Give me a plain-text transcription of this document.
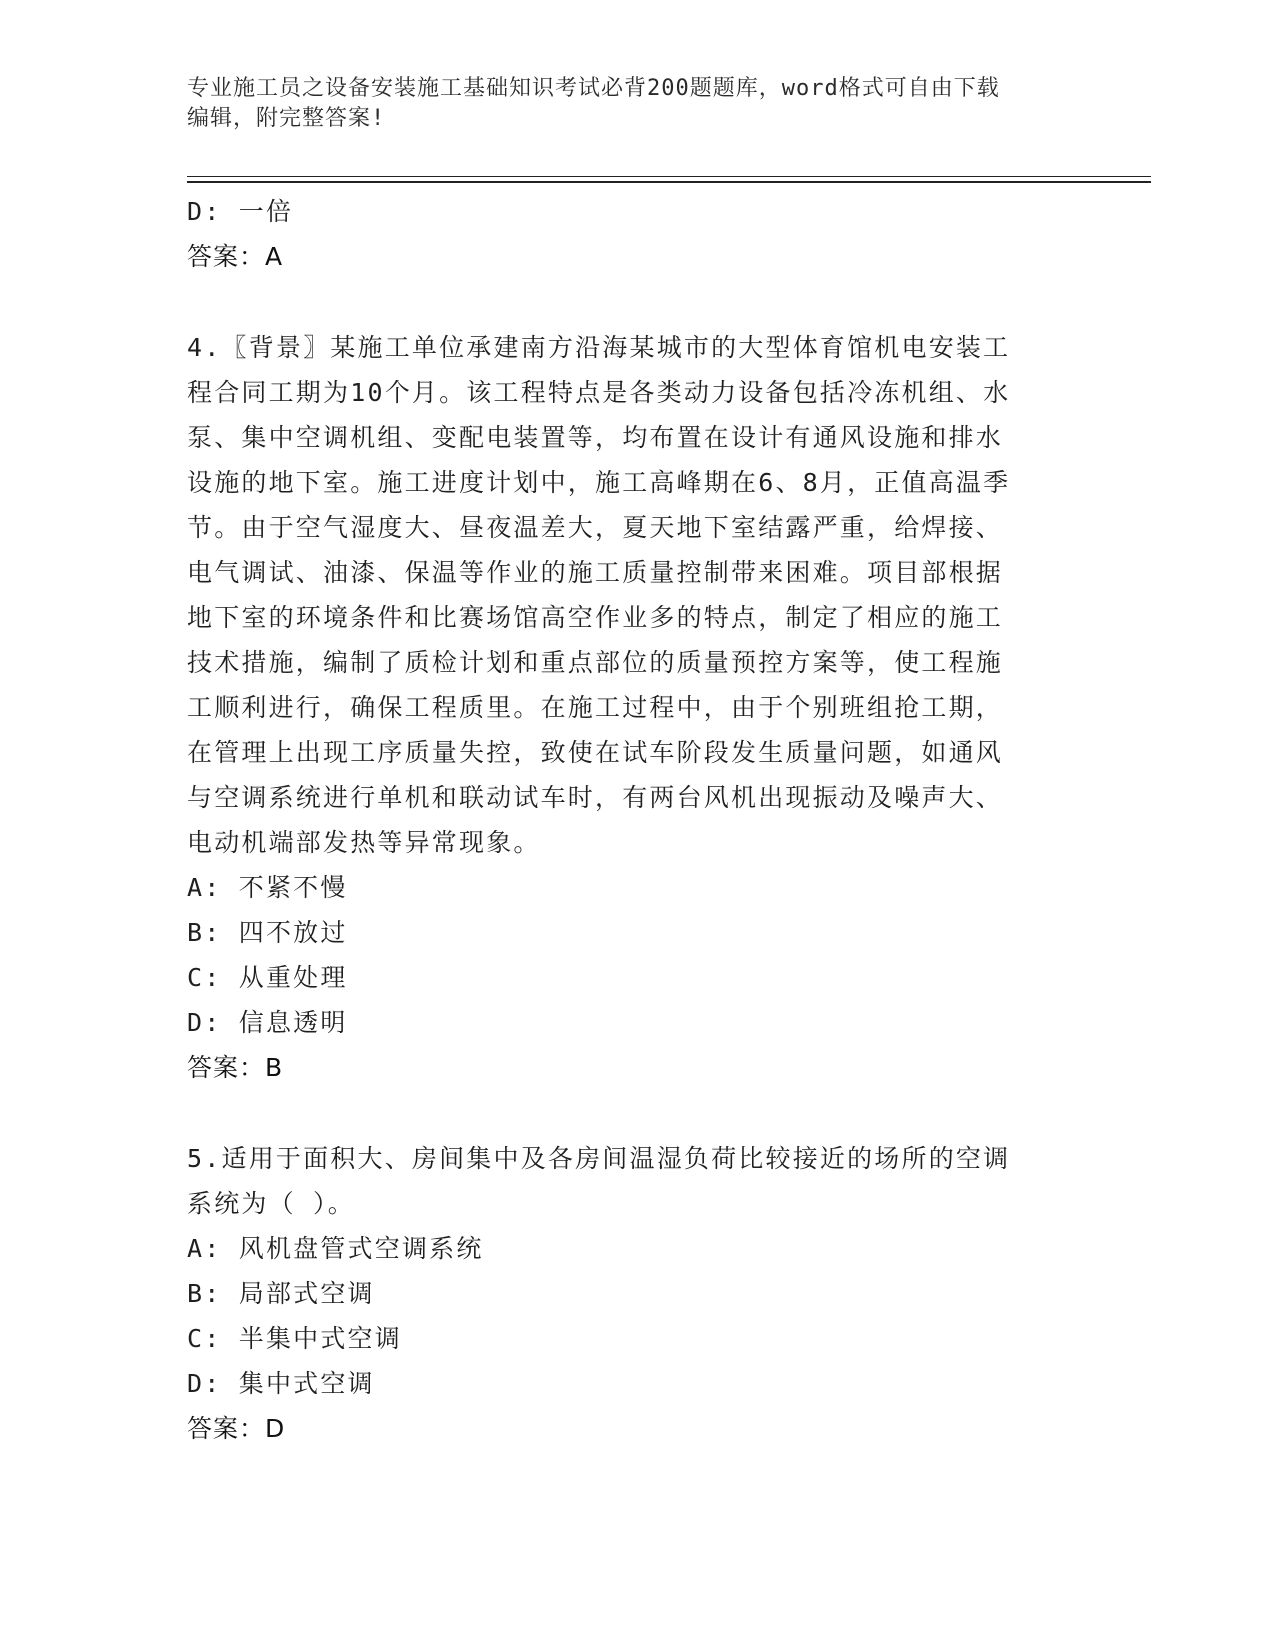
专业施工员之设备安装施工基础知识考试必背200题题库，word格式可自由下载
编辑，附完整答案!
D: 一倍
答案：A
4.〖背景〗某施工单位承建南方沿海某城市的大型体育馆机电安装工
程合同工期为10个月。该工程特点是各类动力设备包括冷冻机组、水
泵、集中空调机组、变配电装置等，均布置在设计有通风设施和排水
设施的地下室。施工进度计划中，施工高峰期在6、8月，正值高温季
节。由于空气湿度大、昼夜温差大，夏天地下室结露严重，给焊接、
电气调试、油漆、保温等作业的施工质量控制带来困难。项目部根据
地下室的环境条件和比赛场馆高空作业多的特点，制定了相应的施工
技术措施，编制了质检计划和重点部位的质量预控方案等，使工程施
工顺利进行，确保工程质里。在施工过程中，由于个别班组抢工期，
在管理上出现工序质量失控，致使在试车阶段发生质量问题，如通风
与空调系统进行单机和联动试车时，有两台风机出现振动及噪声大、
电动机端部发热等异常现象。
A: 不紧不慢
B: 四不放过
C: 从重处理
D: 信息透明
答案：B
5.适用于面积大、房间集中及各房间温湿负荷比较接近的场所的空调
系统为（ ）。
A: 风机盘管式空调系统
B: 局部式空调
C: 半集中式空调
D: 集中式空调
答案：D
